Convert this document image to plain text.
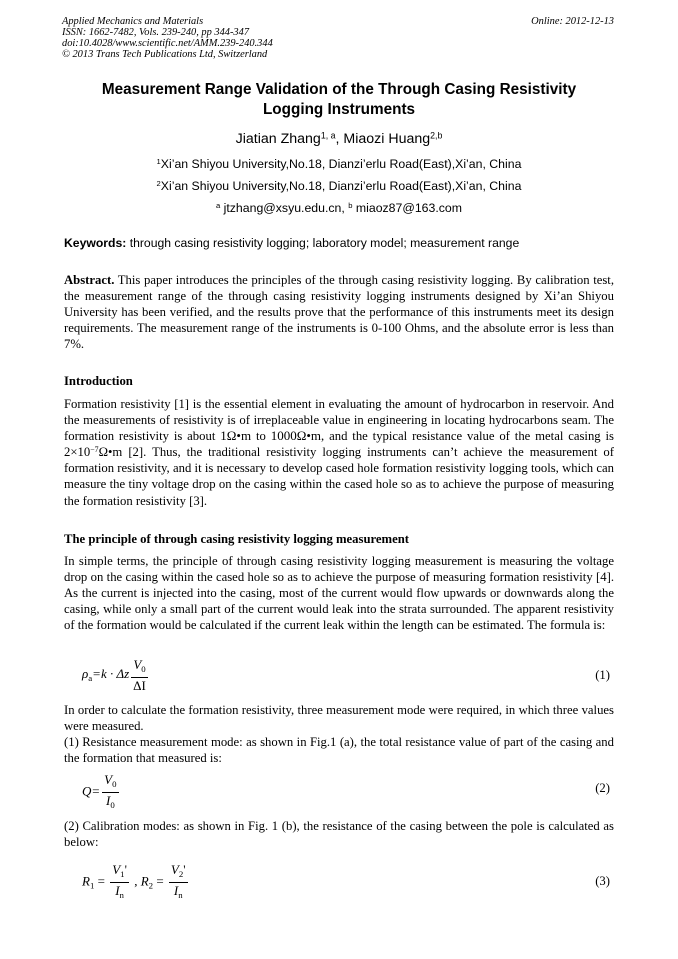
Applied Mechanics and Materials
ISSN: 1662-7482, Vols. 239-240, pp 344-347
doi:10.4028/www.scientific.net/AMM.239-240.344
© 2013 Trans Tech Publications Ltd, Switzerland
Online: 2012-12-13
Measurement Range Validation of the Through Casing Resistivity
Logging Instruments
Jiatian Zhang$^{1, a}$, Miaozi Huang$^{2,b}$
$^1$Xi’an Shiyou University,No.18, Dianzi’erlu Road(East),Xi’an, China
$^2$Xi’an Shiyou University,No.18, Dianzi’erlu Road(East),Xi’an, China
$^a$ jtzhang@xsyu.edu.cn, $^b$ miaoz87@163.com
Keywords: through casing resistivity logging; laboratory model; measurement range
Abstract. This paper introduces the principles of the through casing resistivity logging. By calibration test, the measurement range of the through casing resistivity logging instruments designed by Xi’an Shiyou University has been verified, and the results prove that the performance of this instruments meet its design requirements. The measurement range of the instruments is 0-100 Ohms, and the absolute error is less than 7%.
Introduction
Formation resistivity [1] is the essential element in evaluating the amount of hydrocarbon in reservoir. And the measurements of resistivity is of irreplaceable value in engineering in locating hydrocarbons seam. The formation resistivity is about 1Ω•m to 1000Ω•m, and the typical resistance value of the metal casing is $2\times 10^{-7}\Omega•m$ [2]. Thus, the traditional resistivity logging instruments can’t achieve the measurement of formation resistivity, and it is necessary to develop cased hole formation resistivity logging tools, which can measure the tiny voltage drop on the casing within the cased hole so as to achieve the purpose of measuring the formation resistivity [3].
The principle of through casing resistivity logging measurement
In simple terms, the principle of through casing resistivity logging measurement is measuring the voltage drop on the casing within the cased hole so as to achieve the purpose of measuring formation resistivity [4]. As the current is injected into the casing, most of the current would flow upwards or downwards along the casing, while only a small part of the current would leak into the strata surrounded. The apparent resistivity of the formation would be calculated if the current leak within the length can be estimated. The formula is:
$\rho_a=k \cdot \Delta z \frac{V_0}{\Delta I}$	(1)
In order to calculate the formation resistivity, three measurement mode were required, in which three values were measured.
(1) Resistance measurement mode: as shown in Fig.1 (a), the total resistance value of part of the casing and the formation that measured is:
$Q= \frac{V_0}{I_0}$	(2)
(2) Calibration modes: as shown in Fig. 1 (b), the resistance of the casing between the pole is calculated as below:
$R_1 = \frac{V_1'}{I_n}$ , $R_2 = \frac{V_2'}{I_n}$	(3)
